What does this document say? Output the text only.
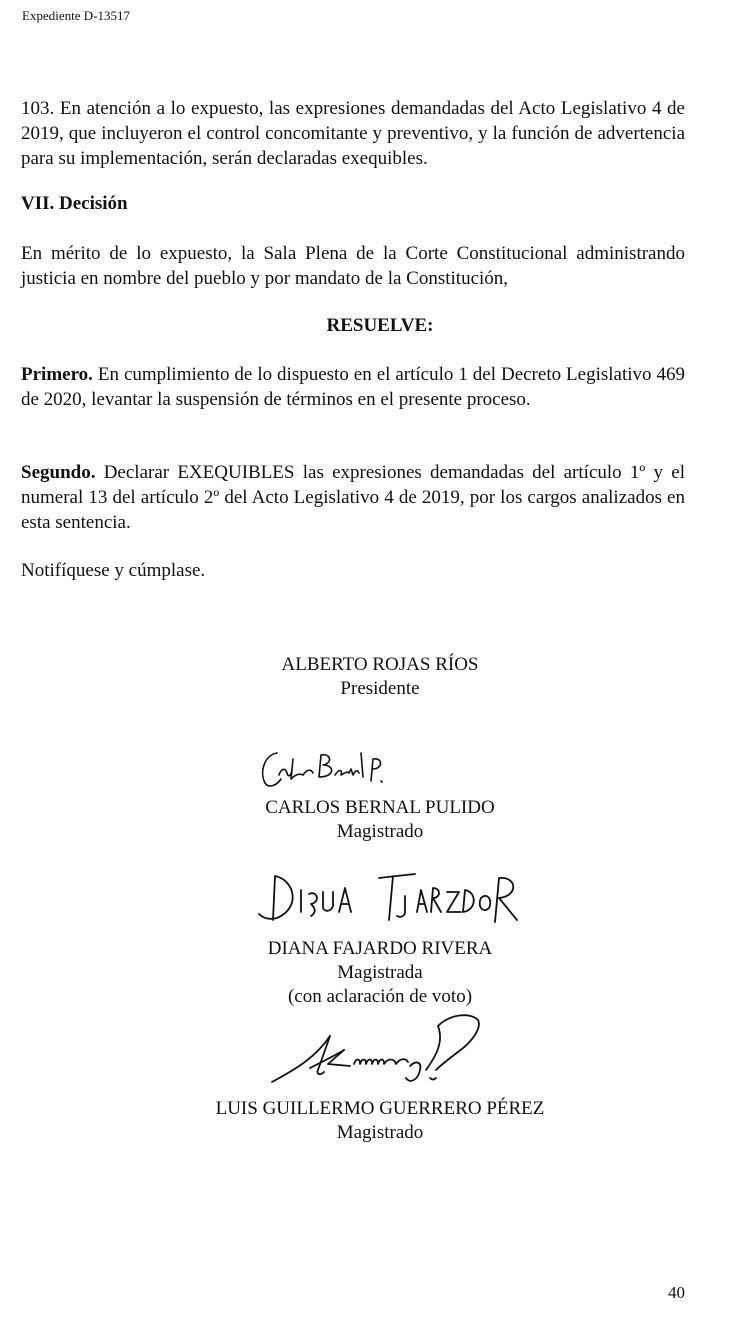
Expediente D-13517

103. En atención a lo expuesto, las expresiones demandadas del Acto Legislativo 4 de 2019, que incluyeron el control concomitante y preventivo, y la función de advertencia para su implementación, serán declaradas exequibles.

VII. Decisión

En mérito de lo expuesto, la Sala Plena de la Corte Constitucional administrando justicia en nombre del pueblo y por mandato de la Constitución,

RESUELVE:

Primero. En cumplimiento de lo dispuesto en el artículo 1 del Decreto Legislativo 469 de 2020, levantar la suspensión de términos en el presente proceso.

Segundo. Declarar EXEQUIBLES las expresiones demandadas del artículo 1º y el numeral 13 del artículo 2º del Acto Legislativo 4 de 2019, por los cargos analizados en esta sentencia.

Notifíquese y cúmplase.

ALBERTO ROJAS RÍOS
Presidente
CARLOS BERNAL PULIDO
Magistrado
DIANA FAJARDO RIVERA
Magistrada
(con aclaración de voto)
LUIS GUILLERMO GUERRERO PÉREZ
Magistrado
40
